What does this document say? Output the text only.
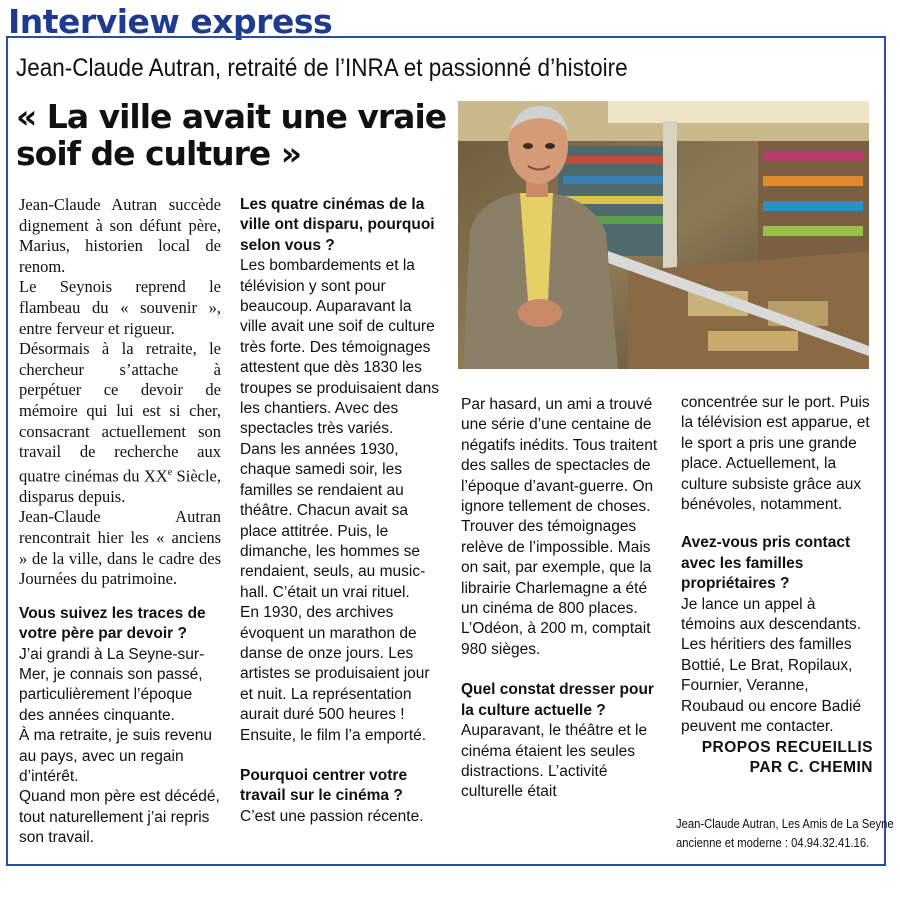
Interview express
Jean-Claude Autran, retraité de l’INRA et passionné d’histoire
« La ville avait une vraie
soif de culture »

Jean-Claude Autran succède dignement à son défunt père, Marius, historien local de renom.

Le Seynois reprend le flambeau du « souvenir », entre ferveur et rigueur.

Désormais à la retraite, le chercheur s’attache à perpétuer ce devoir de mémoire qui lui est si cher, consacrant actuellement son travail de recherche aux quatre cinémas du XXe Siècle, disparus depuis.

Jean-Claude Autran rencontrait hier les « anciens » de la ville, dans le cadre des Journées du patrimoine.

Vous suivez les traces de votre père par devoir ?

J’ai grandi à La Seyne-sur-Mer, je connais son passé, particulièrement l’époque des années cinquante.

À ma retraite, je suis revenu au pays, avec un regain d’intérêt.

Quand mon père est décédé, tout naturellement j’ai repris son travail.

Les quatre cinémas de la ville ont disparu, pourquoi selon vous ?

Les bombardements et la télévision y sont pour beaucoup. Auparavant la ville avait une soif de culture très forte. Des témoignages attestent que dès 1830 les troupes se produisaient dans les chantiers. Avec des spectacles très variés.

Dans les années 1930, chaque samedi soir, les familles se rendaient au théâtre. Chacun avait sa place attitrée. Puis, le dimanche, les hommes se rendaient, seuls, au music-hall. C’était un vrai rituel.

En 1930, des archives évoquent un marathon de danse de onze jours. Les artistes se produisaient jour et nuit. La représentation aurait duré 500 heures ! Ensuite, le film l’a emporté.

Pourquoi centrer votre travail sur le cinéma ?

C’est une passion récente.

Par hasard, un ami a trouvé une série d’une centaine de négatifs inédits. Tous traitent des salles de spectacles de l’époque d’avant-guerre. On ignore tellement de choses. Trouver des témoignages relève de l’impossible. Mais on sait, par exemple, que la librairie Charlemagne a été un cinéma de 800 places. L’Odéon, à 200 m, comptait 980 sièges.

Quel constat dresser pour la culture actuelle ?

Auparavant, le théâtre et le cinéma étaient les seules distractions. L’activité culturelle était

concentrée sur le port. Puis la télévision est apparue, et le sport a pris une grande place. Actuellement, la culture subsiste grâce aux bénévoles, notamment.

Avez-vous pris contact avec les familles propriétaires ?

Je lance un appel à témoins aux descendants. Les héritiers des familles Bottié, Le Brat, Ropilaux, Fournier, Veranne, Roubaud ou encore Badié peuvent me contacter.

PROPOS RECUEILLIS

PAR C. CHEMIN

Jean-Claude Autran, Les Amis de La Seyne
ancienne et moderne : 04.94.32.41.16.
